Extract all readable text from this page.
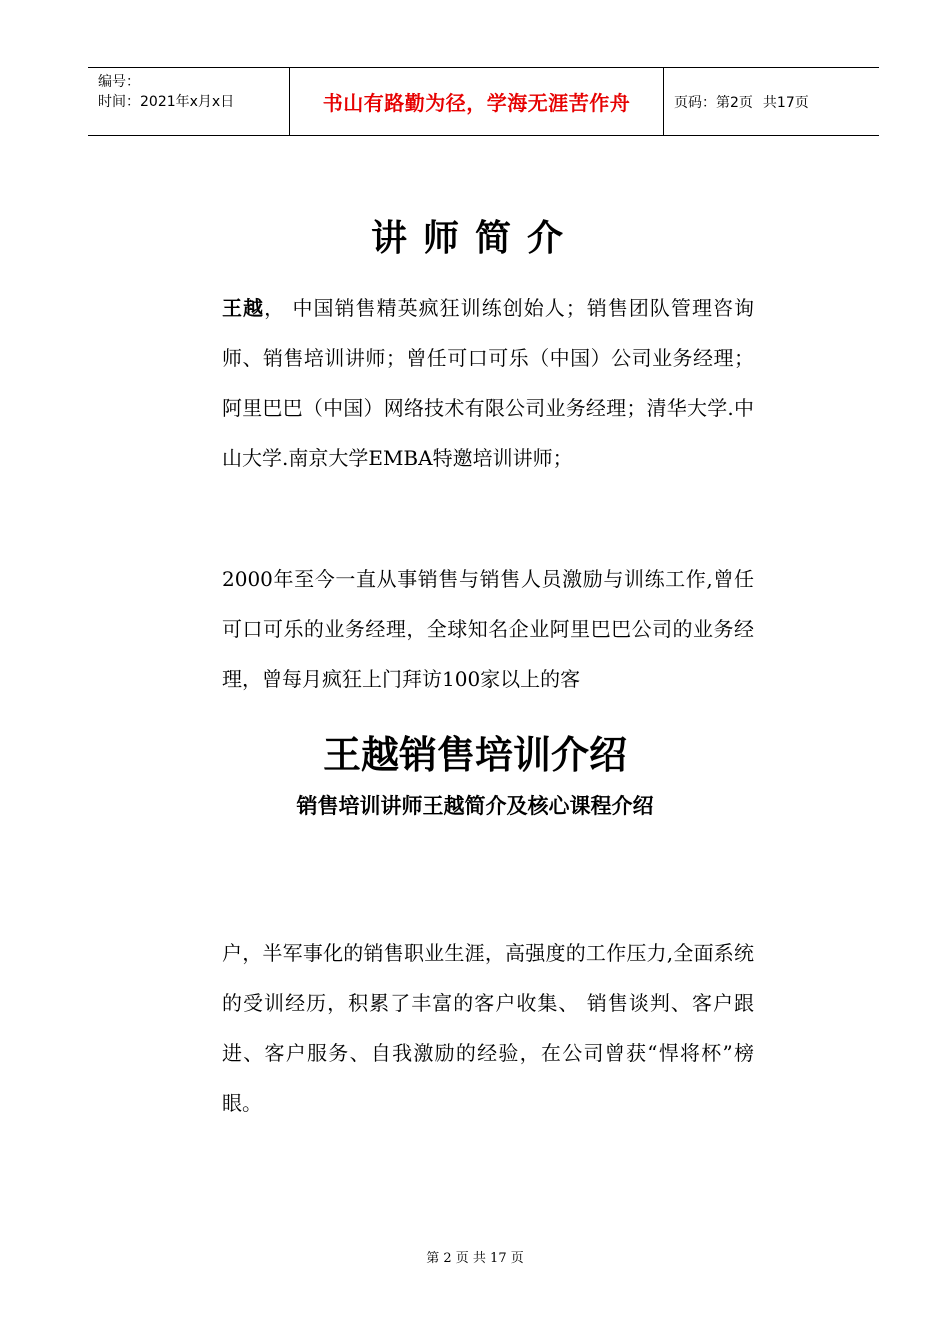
编号：
时间：2021年x月x日	书山有路勤为径，学海无涯苦作舟	页码：第2页 共17页
讲师简介

王越， 中国销售精英疯狂训练创始人；销售团队管理咨询师、销售培训讲师；曾任可口可乐（中国）公司业务经理；阿里巴巴（中国）网络技术有限公司业务经理；清华大学.中山大学.南京大学EMBA特邀培训讲师；

2000年至今一直从事销售与销售人员激励与训练工作,曾任可口可乐的业务经理，全球知名企业阿里巴巴公司的业务经理，曾每月疯狂上门拜访100家以上的客

王越销售培训介绍
销售培训讲师王越简介及核心课程介绍

户，半军事化的销售职业生涯，高强度的工作压力,全面系统的受训经历，积累了丰富的客户收集、 销售谈判、客户跟进、客户服务、自我激励的经验，在公司曾获“悍将杯”榜眼。

第 2 页 共 17 页
